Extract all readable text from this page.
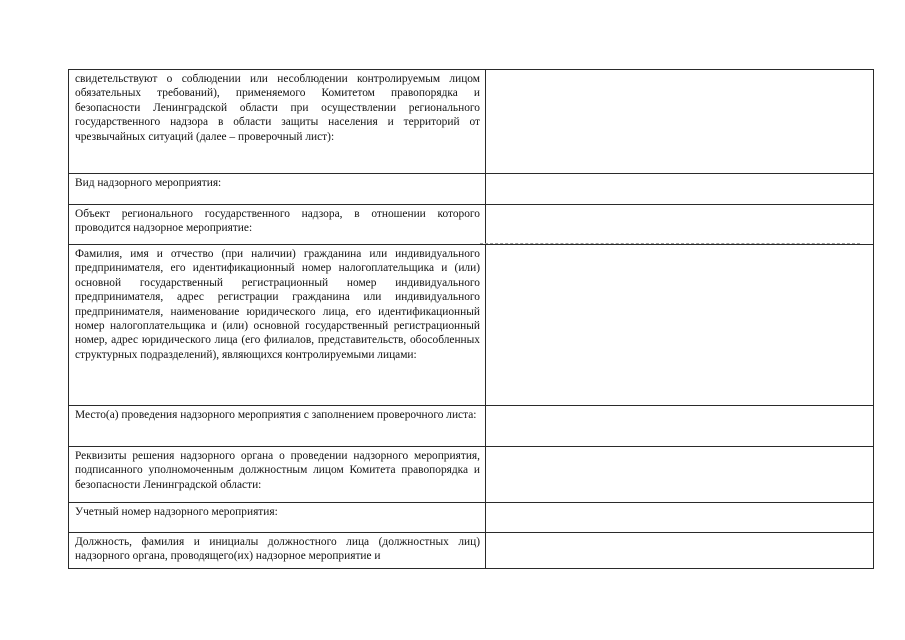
свидетельствуют о соблюдении или несоблюдении контролируемым лицом обязательных требований), применяемого Комитетом правопорядка и безопасности Ленинградской области при осуществлении регионального государственного надзора в области защиты населения и территорий от чрезвычайных ситуаций (далее – проверочный лист):	

Вид надзорного мероприятия:	

Объект регионального государственного надзора, в отношении которого проводится надзорное мероприятие:	

Фамилия, имя и отчество (при наличии) гражданина или индивидуального предпринимателя, его идентификационный номер налогоплательщика и (или) основной государственный регистрационный номер индивидуального предпринимателя, адрес регистрации гражданина или индивидуального предпринимателя, наименование юридического лица, его идентификационный номер налогоплательщика и (или) основной государственный регистрационный номер, адрес юридического лица (его филиалов, представительств, обособленных структурных подразделений), являющихся контролируемыми лицами:	

Место(а) проведения надзорного мероприятия с заполнением проверочного листа:	

Реквизиты решения надзорного органа о проведении надзорного мероприятия, подписанного уполномоченным должностным лицом Комитета правопорядка и безопасности Ленинградской области:	

Учетный номер надзорного мероприятия:	

Должность, фамилия и инициалы должностного лица (должностных лиц) надзорного органа, проводящего(их) надзорное мероприятие и	
